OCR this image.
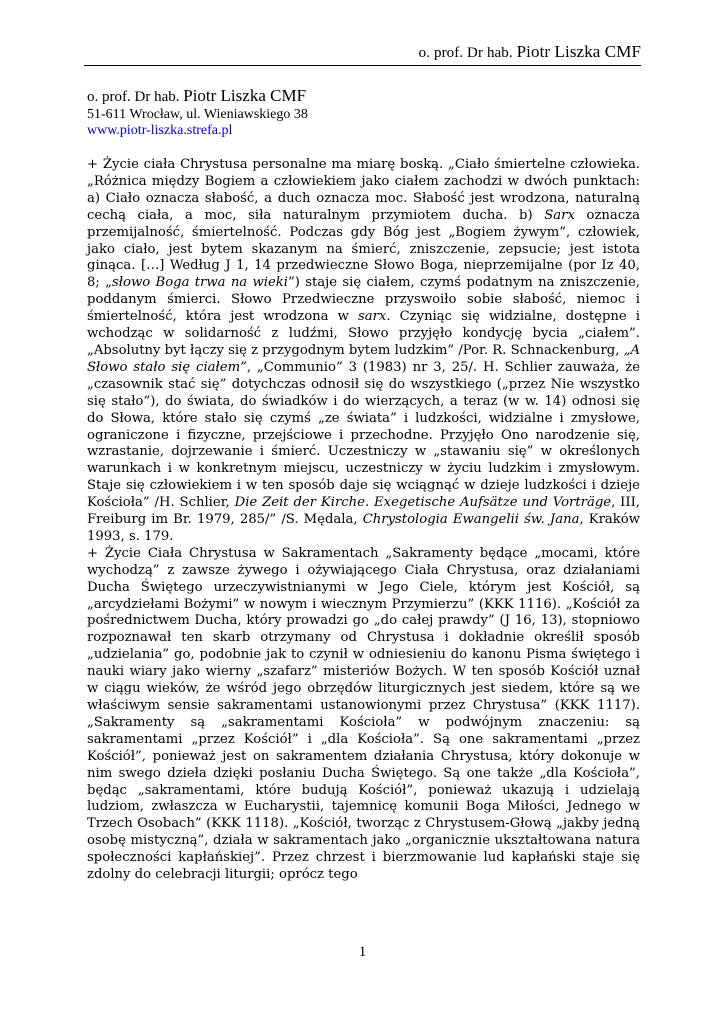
o. prof. Dr hab. Piotr Liszka CMF
o. prof. Dr hab. Piotr Liszka CMF
51-611 Wrocław, ul. Wieniawskiego 38
www.piotr-liszka.strefa.pl

+ Życie ciała Chrystusa personalne ma miarę boską. „Ciało śmiertelne człowieka. „Różnica między Bogiem a człowiekiem jako ciałem zachodzi w dwóch punktach: a) Ciało oznacza słabość, a duch oznacza moc. Słabość jest wrodzona, naturalną cechą ciała, a moc, siła naturalnym przymiotem ducha. b) Sarx oznacza przemijalność, śmiertelność. Podczas gdy Bóg jest „Bogiem żywym”, człowiek, jako ciało, jest bytem skazanym na śmierć, zniszczenie, zepsucie; jest istota ginąca. […] Według J 1, 14 przedwieczne Słowo Boga, nieprzemijalne (por Iz 40, 8; „słowo Boga trwa na wieki”) staje się ciałem, czymś podatnym na zniszczenie, poddanym śmierci. Słowo Przedwieczne przyswoiło sobie słabość, niemoc i śmiertelność, która jest wrodzona w sarx. Czyniąc się widzialne, dostępne i wchodząc w solidarność z ludźmi, Słowo przyjęło kondycję bycia „ciałem”. „Absolutny byt łączy się z przygodnym bytem ludzkim” /Por. R. Schnackenburg, „A Słowo stało się ciałem”, „Communio” 3 (1983) nr 3, 25/. H. Schlier zauważa, że „czasownik stać się” dotychczas odnosił się do wszystkiego („przez Nie wszystko się stało”), do świata, do świadków i do wierzących, a teraz (w w. 14) odnosi się do Słowa, które stało się czymś „ze świata” i ludzkości, widzialne i zmysłowe, ograniczone i fizyczne, przejściowe i przechodne. Przyjęło Ono narodzenie się, wzrastanie, dojrzewanie i śmierć. Uczestniczy w „stawaniu się” w określonych warunkach i w konkretnym miejscu, uczestniczy w życiu ludzkim i zmysłowym. Staje się człowiekiem i w ten sposób daje się wciągnąć w dzieje ludzkości i dzieje Kościoła” /H. Schlier, Die Zeit der Kirche. Exegetische Aufsätze und Vorträge, III, Freiburg im Br. 1979, 285/” /S. Mędala, Chrystologia Ewangelii św. Jana, Kraków 1993, s. 179.

+ Życie Ciała Chrystusa w Sakramentach „Sakramenty będące „mocami, które wychodzą” z zawsze żywego i ożywiającego Ciała Chrystusa, oraz działaniami Ducha Świętego urzeczywistnianymi w Jego Ciele, którym jest Kościół, są „arcydziełami Bożymi” w nowym i wiecznym Przymierzu” (KKK 1116). „Kościół za pośrednictwem Ducha, który prowadzi go „do całej prawdy” (J 16, 13), stopniowo rozpoznawał ten skarb otrzymany od Chrystusa i dokładnie określił sposób „udzielania” go, podobnie jak to czynił w odniesieniu do kanonu Pisma świętego i nauki wiary jako wierny „szafarz” misteriów Bożych. W ten sposób Kościół uznał w ciągu wieków, że wśród jego obrzędów liturgicznych jest siedem, które są we właściwym sensie sakramentami ustanowionymi przez Chrystusa” (KKK 1117). „Sakramenty są „sakramentami Kościoła” w podwójnym znaczeniu: są sakramentami „przez Kościół” i „dla Kościoła”. Są one sakramentami „przez Kościół”, ponieważ jest on sakramentem działania Chrystusa, który dokonuje w nim swego dzieła dzięki posłaniu Ducha Świętego. Są one także „dla Kościoła”, będąc „sakramentami, które budują Kościół”, ponieważ ukazują i udzielają ludziom, zwłaszcza w Eucharystii, tajemnicę komunii Boga Miłości, Jednego w Trzech Osobach” (KKK 1118). „Kościół, tworząc z Chrystusem-Głową „jakby jedną osobę mistyczną”, działa w sakramentach jako „organicznie ukształtowana natura społeczności kapłańskiej”. Przez chrzest i bierzmowanie lud kapłański staje się zdolny do celebracji liturgii; oprócz tego

1
